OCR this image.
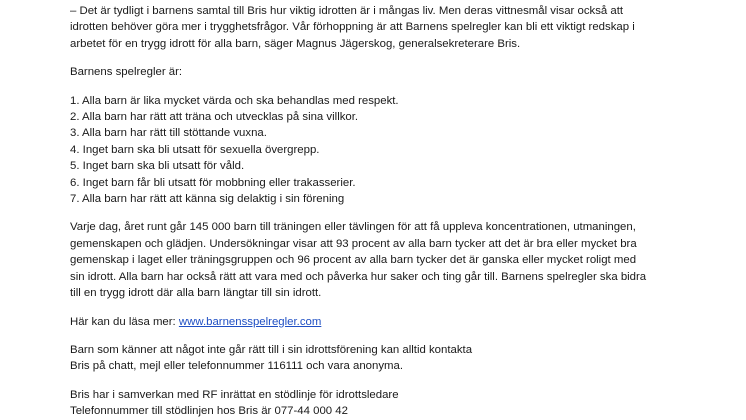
– Det är tydligt i barnens samtal till Bris hur viktig idrotten är i mångas liv. Men deras vittnesmål visar också att
idrotten behöver göra mer i trygghetsfrågor. Vår förhoppning är att Barnens spelregler kan bli ett viktigt redskap i
arbetet för en trygg idrott för alla barn, säger Magnus Jägerskog, generalsekreterare Bris.
Barnens spelregler är:
1. Alla barn är lika mycket värda och ska behandlas med respekt.
2. Alla barn har rätt att träna och utvecklas på sina villkor.
3. Alla barn har rätt till stöttande vuxna.
4. Inget barn ska bli utsatt för sexuella övergrepp.
5. Inget barn ska bli utsatt för våld.
6. Inget barn får bli utsatt för mobbning eller trakasserier.
7. Alla barn har rätt att känna sig delaktig i sin förening
Varje dag, året runt går 145 000 barn till träningen eller tävlingen för att få uppleva koncentrationen, utmaningen,
gemenskapen och glädjen. Undersökningar visar att 93 procent av alla barn tycker att det är bra eller mycket bra
gemenskap i laget eller träningsgruppen och 96 procent av alla barn tycker det är ganska eller mycket roligt med
sin idrott. Alla barn har också rätt att vara med och påverka hur saker och ting går till. Barnens spelregler ska bidra
till en trygg idrott där alla barn längtar till sin idrott.
Här kan du läsa mer: www.barnensspelregler.com
Barn som känner att något inte går rätt till i sin idrottsförening kan alltid kontakta
Bris på chatt, mejl eller telefonnummer 116111 och vara anonyma.
Bris har i samverkan med RF inrättat en stödlinje för idrottsledare
Telefonnummer till stödlinjen hos Bris är 077-44 000 42
